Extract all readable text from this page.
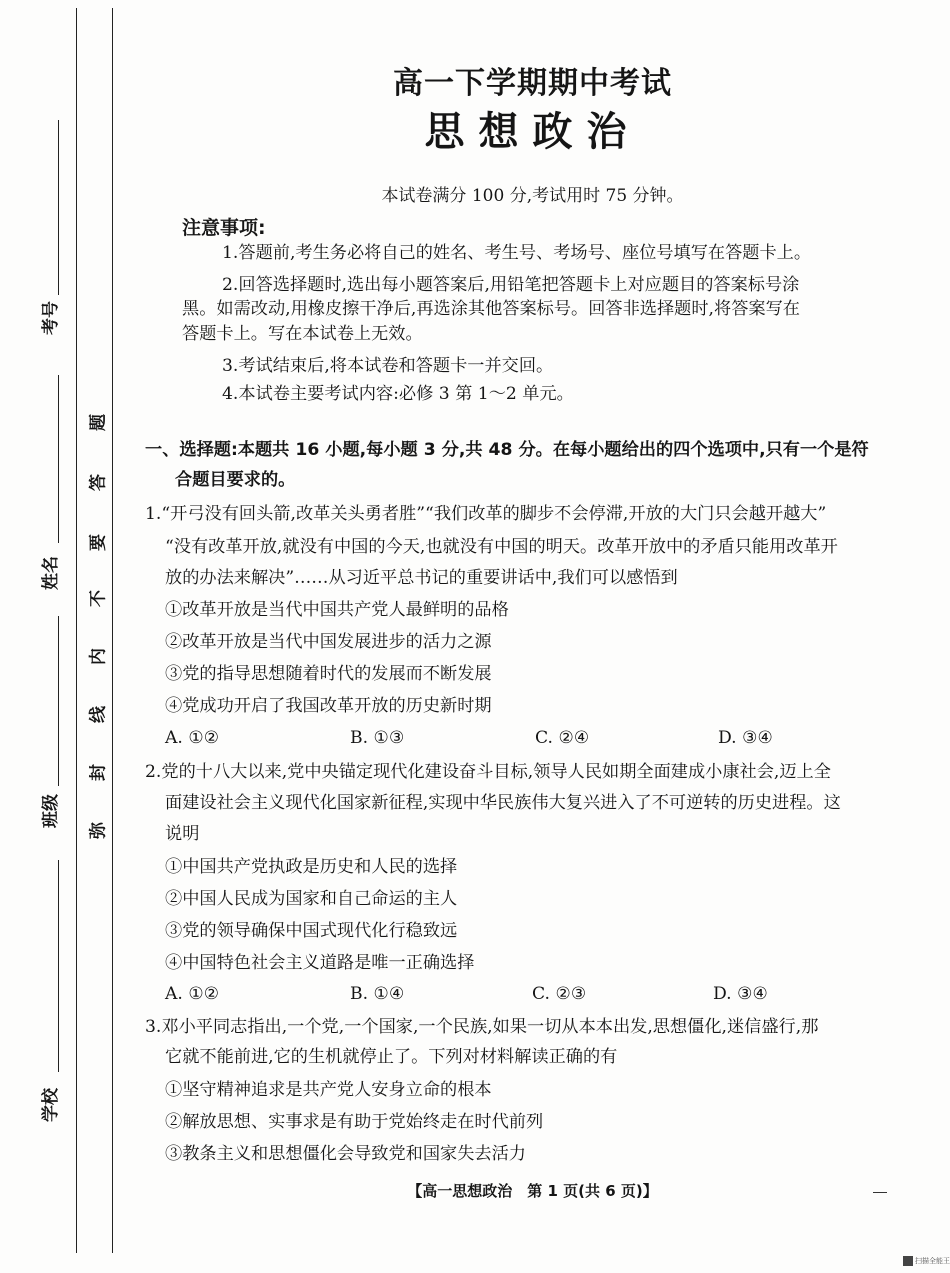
考号
姓名
班级
学校
题
答
要
不
内
线
封
弥
高一下学期期中考试
思想政治
本试卷满分 100 分,考试用时 75 分钟。
注意事项:
1.答题前,考生务必将自己的姓名、考生号、考场号、座位号填写在答题卡上。
2.回答选择题时,选出每小题答案后,用铅笔把答题卡上对应题目的答案标号涂
黑。如需改动,用橡皮擦干净后,再选涂其他答案标号。回答非选择题时,将答案写在
答题卡上。写在本试卷上无效。
3.考试结束后,将本试卷和答题卡一并交回。
4.本试卷主要考试内容:必修 3 第 1～2 单元。
一、选择题:本题共 16 小题,每小题 3 分,共 48 分。在每小题给出的四个选项中,只有一个是符
合题目要求的。
1.“开弓没有回头箭,改革关头勇者胜”“我们改革的脚步不会停滞,开放的大门只会越开越大”
“没有改革开放,就没有中国的今天,也就没有中国的明天。改革开放中的矛盾只能用改革开
放的办法来解决”……从习近平总书记的重要讲话中,我们可以感悟到
①改革开放是当代中国共产党人最鲜明的品格
②改革开放是当代中国发展进步的活力之源
③党的指导思想随着时代的发展而不断发展
④党成功开启了我国改革开放的历史新时期
A. ①②	B. ①③	C. ②④	D. ③④
2.党的十八大以来,党中央锚定现代化建设奋斗目标,领导人民如期全面建成小康社会,迈上全
面建设社会主义现代化国家新征程,实现中华民族伟大复兴进入了不可逆转的历史进程。这
说明
①中国共产党执政是历史和人民的选择
②中国人民成为国家和自己命运的主人
③党的领导确保中国式现代化行稳致远
④中国特色社会主义道路是唯一正确选择
A. ①②	B. ①④	C. ②③	D. ③④
3.邓小平同志指出,一个党,一个国家,一个民族,如果一切从本本出发,思想僵化,迷信盛行,那
它就不能前进,它的生机就停止了。下列对材料解读正确的有
①坚守精神追求是共产党人安身立命的根本
②解放思想、实事求是有助于党始终走在时代前列
③教条主义和思想僵化会导致党和国家失去活力
【高一思想政治　第 1 页(共 6 页)】
扫描全能王
